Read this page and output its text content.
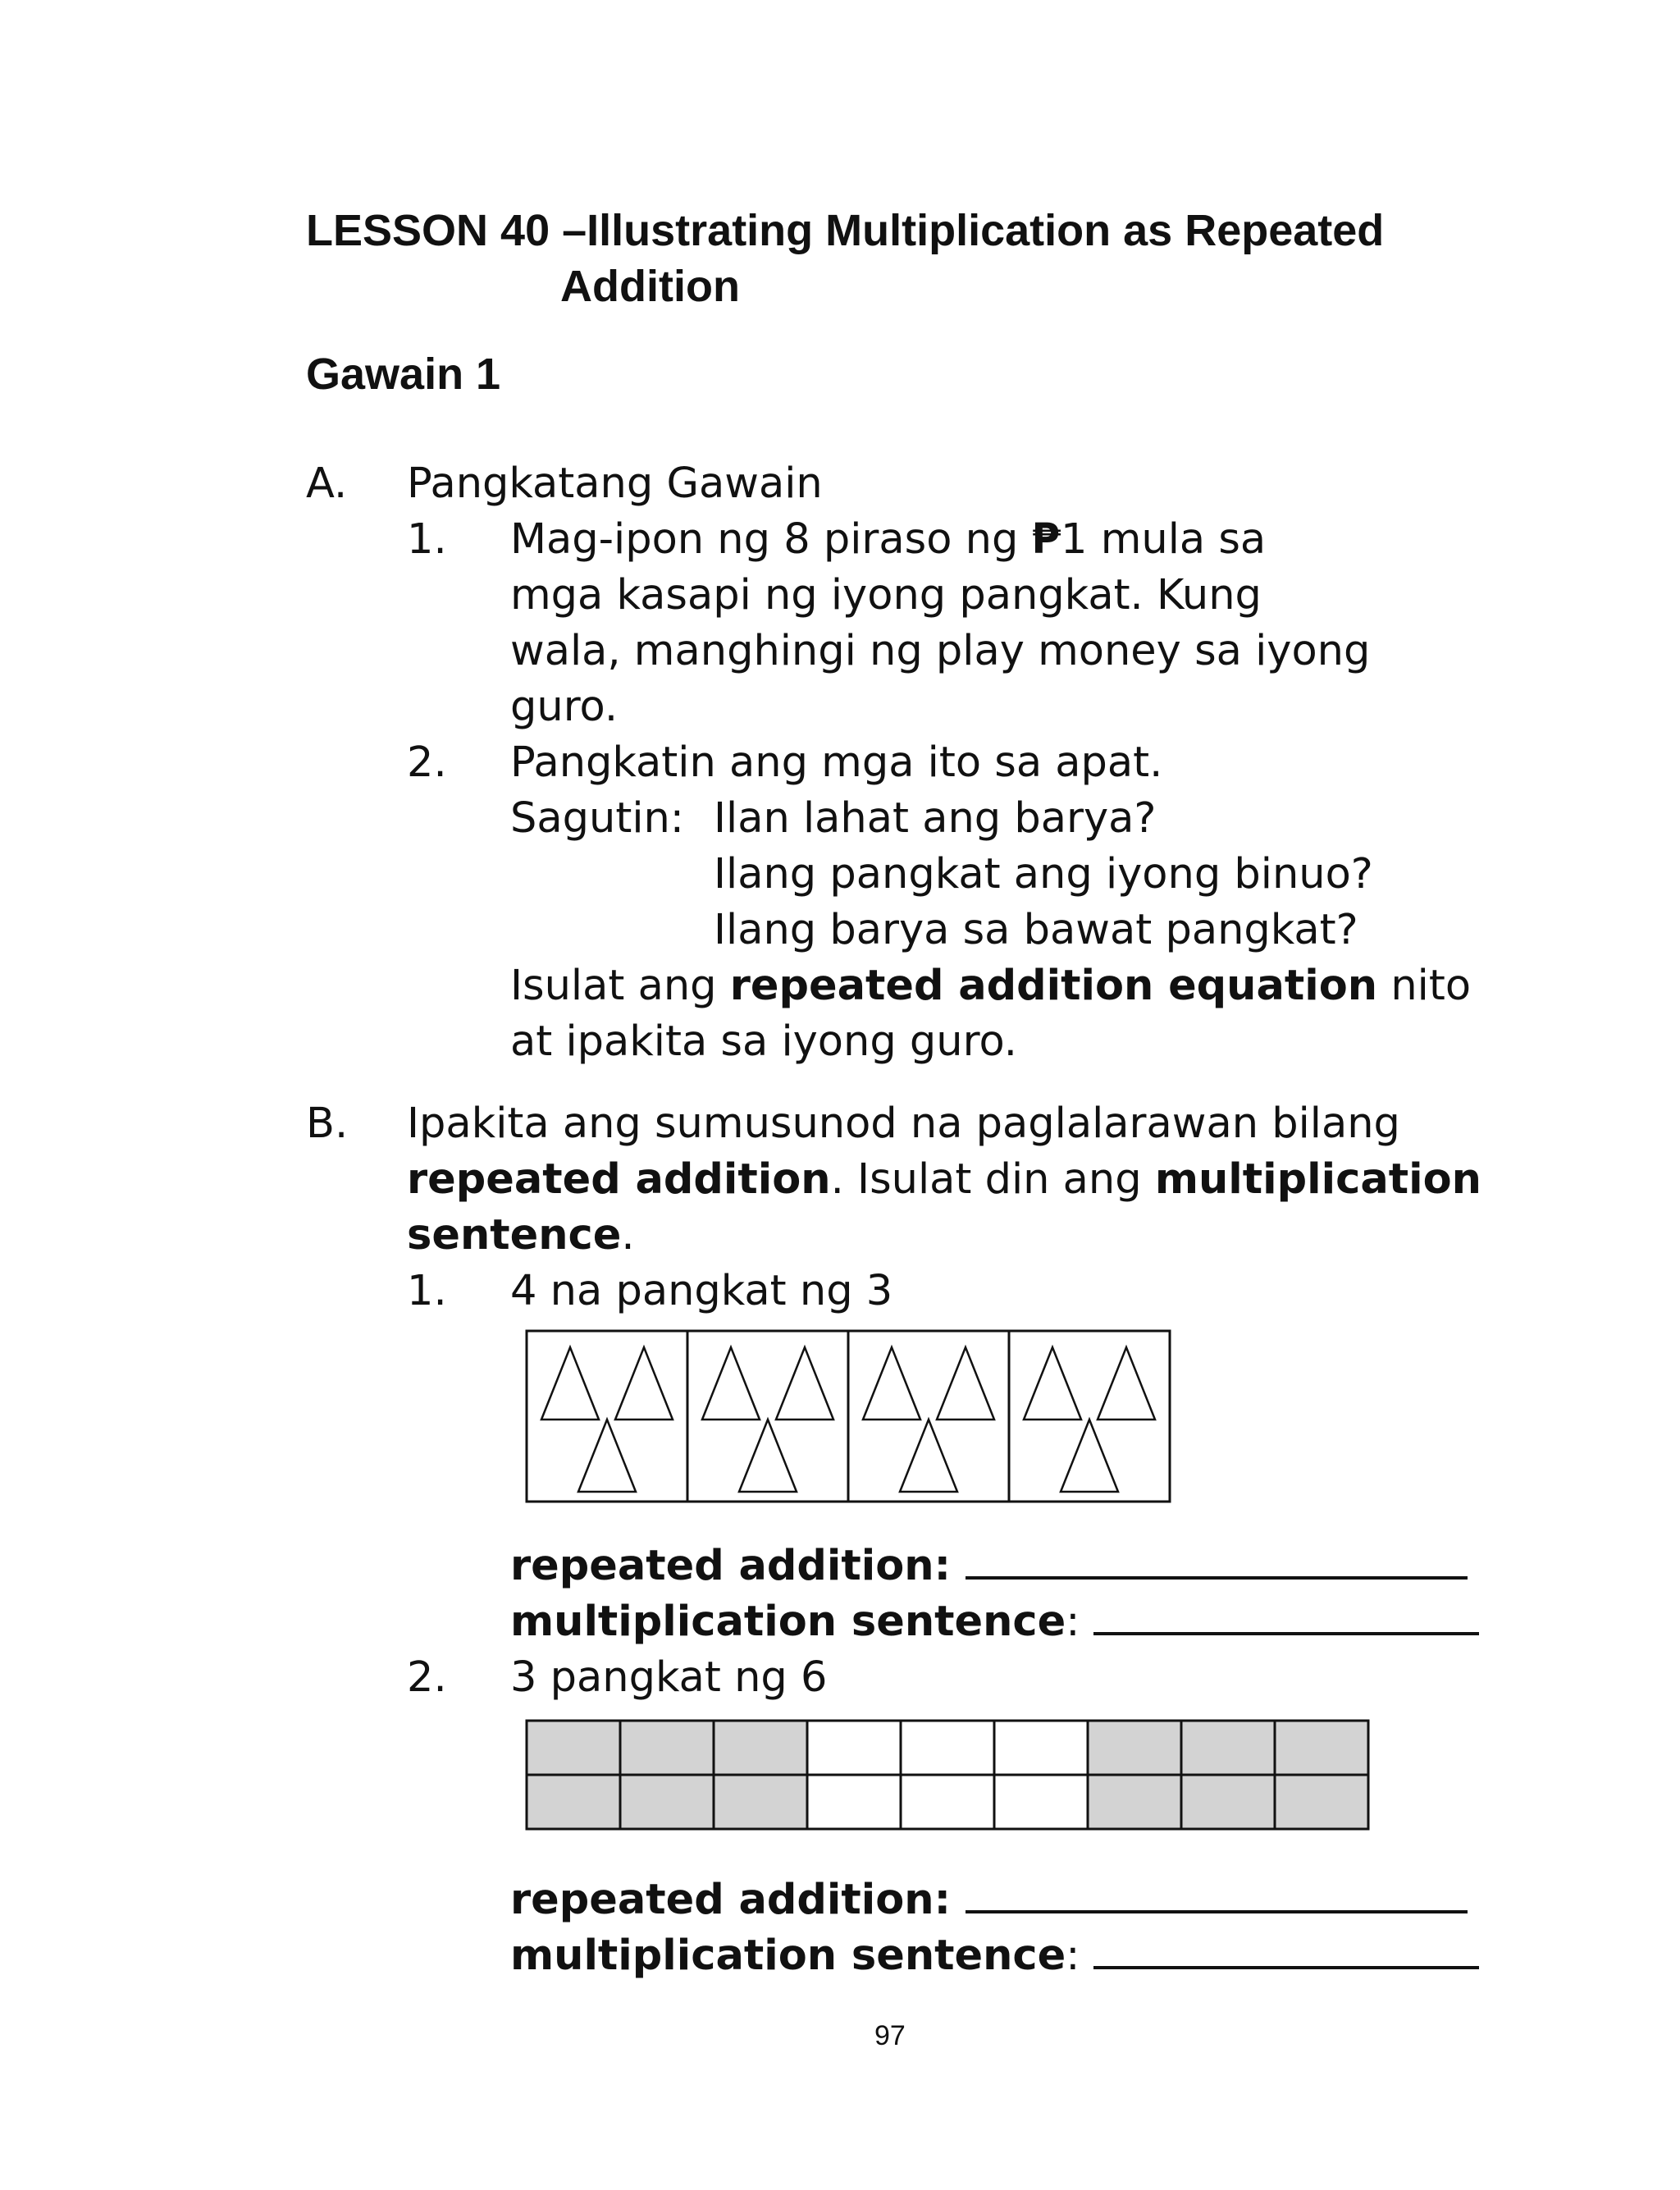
LESSON 40 –Illustrating Multiplication as Repeated
Addition
Gawain 1
A. Pangkatang Gawain
1. Mag-ipon ng 8 piraso ng ₱1 mula sa
mga kasapi ng iyong pangkat. Kung
wala, manghingi ng play money sa iyong
guro.
2. Pangkatin ang mga ito sa apat.
Sagutin: Ilan lahat ang barya?
Ilang pangkat ang iyong binuo?
Ilang barya sa bawat pangkat?
Isulat ang repeated addition equation nito
at ipakita sa iyong guro.
B. Ipakita ang sumusunod na paglalarawan bilang
repeated addition. Isulat din ang multiplication
sentence.
1. 4 na pangkat ng 3
repeated addition:
multiplication sentence:
2. 3 pangkat ng 6
repeated addition:
multiplication sentence:
97
